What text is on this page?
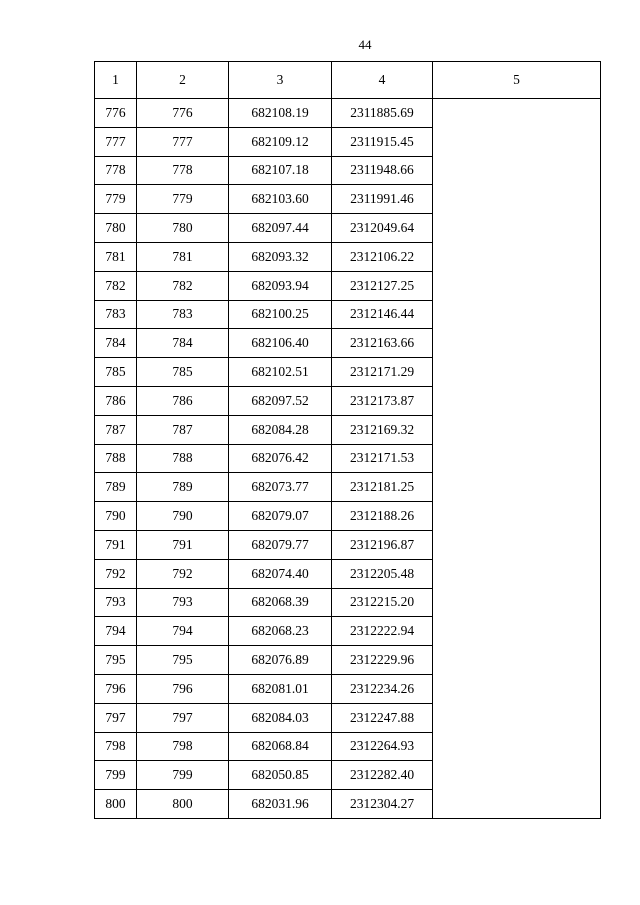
44
1	2	3	4	5
776	776	682108.19	2311885.69	
777	777	682109.12	2311915.45	
778	778	682107.18	2311948.66	
779	779	682103.60	2311991.46	
780	780	682097.44	2312049.64	
781	781	682093.32	2312106.22	
782	782	682093.94	2312127.25	
783	783	682100.25	2312146.44	
784	784	682106.40	2312163.66	
785	785	682102.51	2312171.29	
786	786	682097.52	2312173.87	
787	787	682084.28	2312169.32	
788	788	682076.42	2312171.53	
789	789	682073.77	2312181.25	
790	790	682079.07	2312188.26	
791	791	682079.77	2312196.87	
792	792	682074.40	2312205.48	
793	793	682068.39	2312215.20	
794	794	682068.23	2312222.94	
795	795	682076.89	2312229.96	
796	796	682081.01	2312234.26	
797	797	682084.03	2312247.88	
798	798	682068.84	2312264.93	
799	799	682050.85	2312282.40	
800	800	682031.96	2312304.27	
